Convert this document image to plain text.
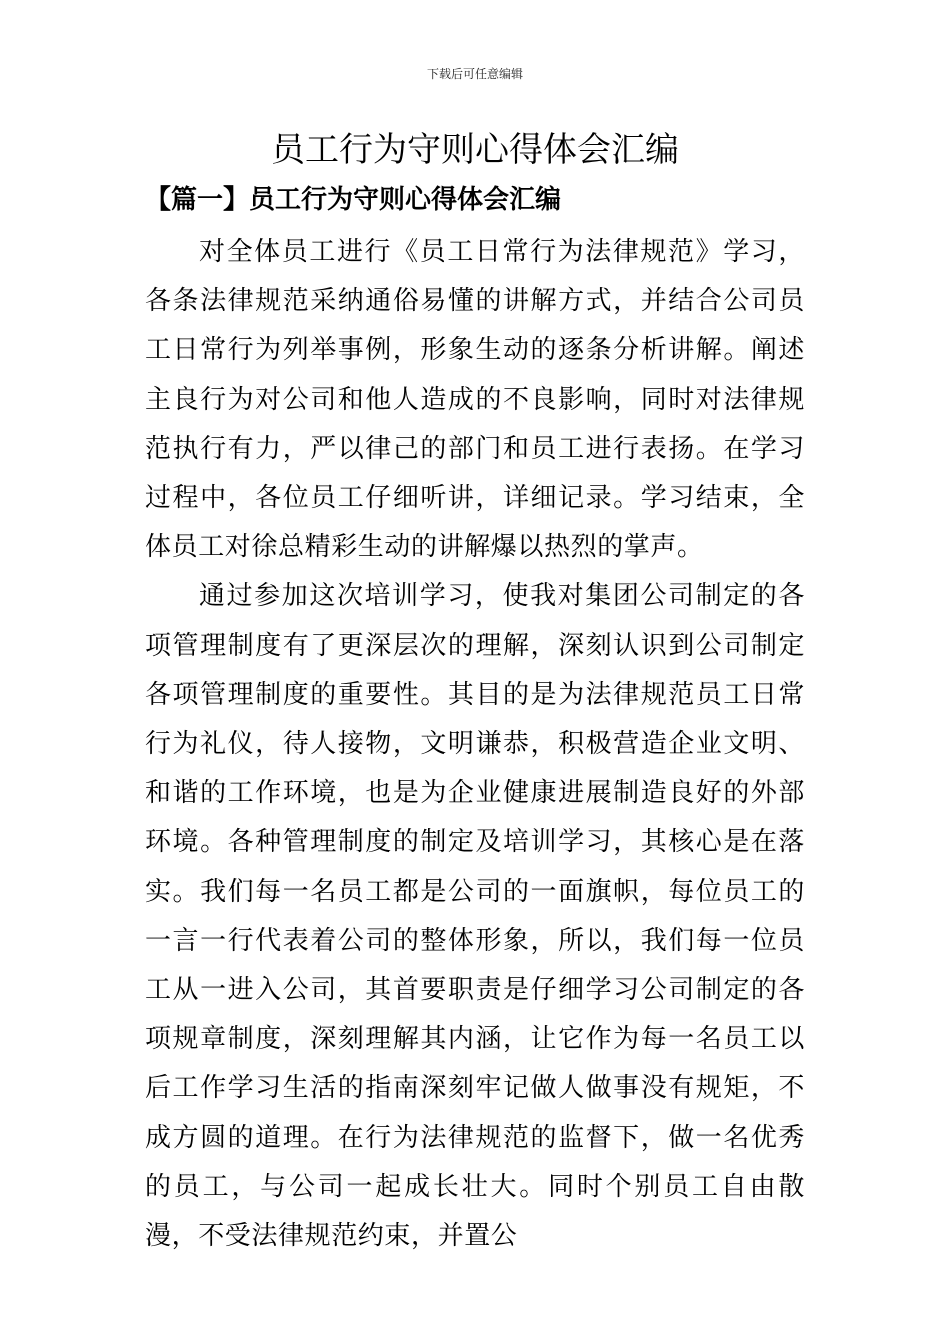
下载后可任意编辑
员工行为守则心得体会汇编
【篇一】员工行为守则心得体会汇编

对全体员工进行《员工日常行为法律规范》学习，各条法律规范采纳通俗易懂的讲解方式，并结合公司员工日常行为列举事例，形象生动的逐条分析讲解。阐述主良行为对公司和他人造成的不良影响，同时对法律规范执行有力，严以律己的部门和员工进行表扬。在学习过程中，各位员工仔细听讲，详细记录。学习结束，全体员工对徐总精彩生动的讲解爆以热烈的掌声。

通过参加这次培训学习，使我对集团公司制定的各项管理制度有了更深层次的理解，深刻认识到公司制定各项管理制度的重要性。其目的是为法律规范员工日常行为礼仪，待人接物，文明谦恭，积极营造企业文明、和谐的工作环境，也是为企业健康进展制造良好的外部环境。各种管理制度的制定及培训学习，其核心是在落实。我们每一名员工都是公司的一面旗帜，每位员工的一言一行代表着公司的整体形象，所以，我们每一位员工从一进入公司，其首要职责是仔细学习公司制定的各项规章制度，深刻理解其内涵，让它作为每一名员工以后工作学习生活的指南深刻牢记做人做事没有规矩，不成方圆的道理。在行为法律规范的监督下，做一名优秀的员工，与公司一起成长壮大。同时个别员工自由散漫，不受法律规范约束，并置公
